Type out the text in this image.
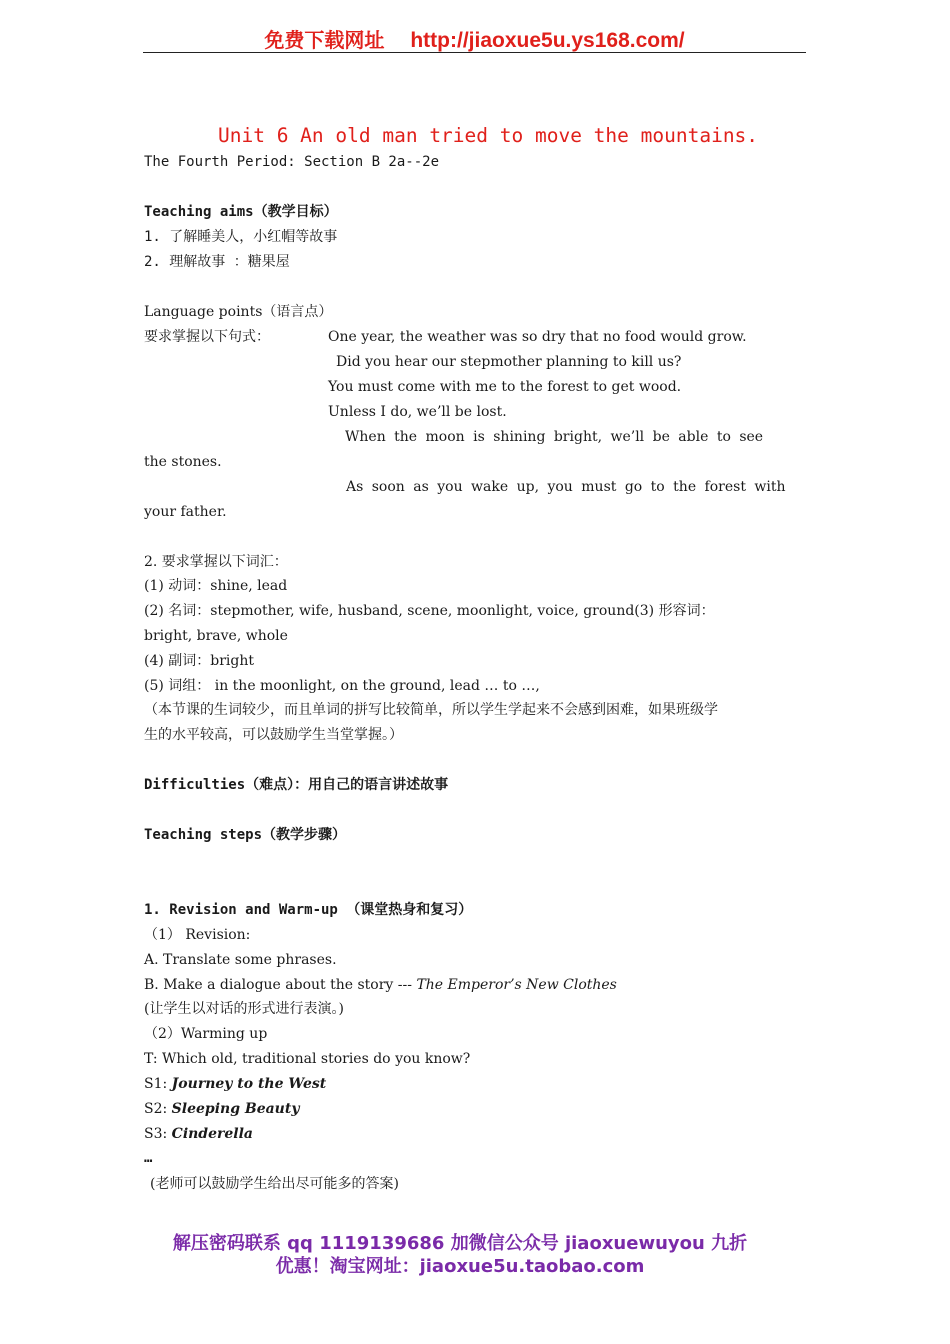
免费下载网址 http://jiaoxue5u.ys168.com/
Unit 6 An old man tried to move the mountains.
The Fourth Period: Section B 2a--2e
Teaching aims（教学目标）
1. 了解睡美人，小红帽等故事
2. 理解故事 ：糖果屋
Language points（语言点）
要求掌握以下句式：	One year, the weather was so dry that no food would grow.
Did you hear our stepmother planning to kill us?
You must come with me to the forest to get wood.
Unless I do, we’ll be lost.
When the moon is shining bright, we’ll be able to see
the stones.
As soon as you wake up, you must go to the forest with
your father.
2. 要求掌握以下词汇：
(1) 动词：shine, lead
(2) 名词：stepmother, wife, husband, scene, moonlight, voice, ground(3) 形容词：
bright, brave, whole
(4) 副词：bright
(5) 词组： in the moonlight, on the ground, lead … to …,
（本节课的生词较少，而且单词的拼写比较简单，所以学生学起来不会感到困难，如果班级学
生的水平较高，可以鼓励学生当堂掌握。）
Difficulties（难点）：用自己的语言讲述故事
Teaching steps（教学步骤）
1. Revision and Warm-up （课堂热身和复习）
（1） Revision:
A. Translate some phrases.
B. Make a dialogue about the story --- The Emperor’s New Clothes
(让学生以对话的形式进行表演。)
（2）Warming up
T: Which old, traditional stories do you know?
S1: Journey to the West
S2: Sleeping Beauty
S3: Cinderella
…
(老师可以鼓励学生给出尽可能多的答案)
解压密码联系 qq 1119139686 加微信公众号 jiaoxuewuyou 九折
优惠！淘宝网址：jiaoxue5u.taobao.com
